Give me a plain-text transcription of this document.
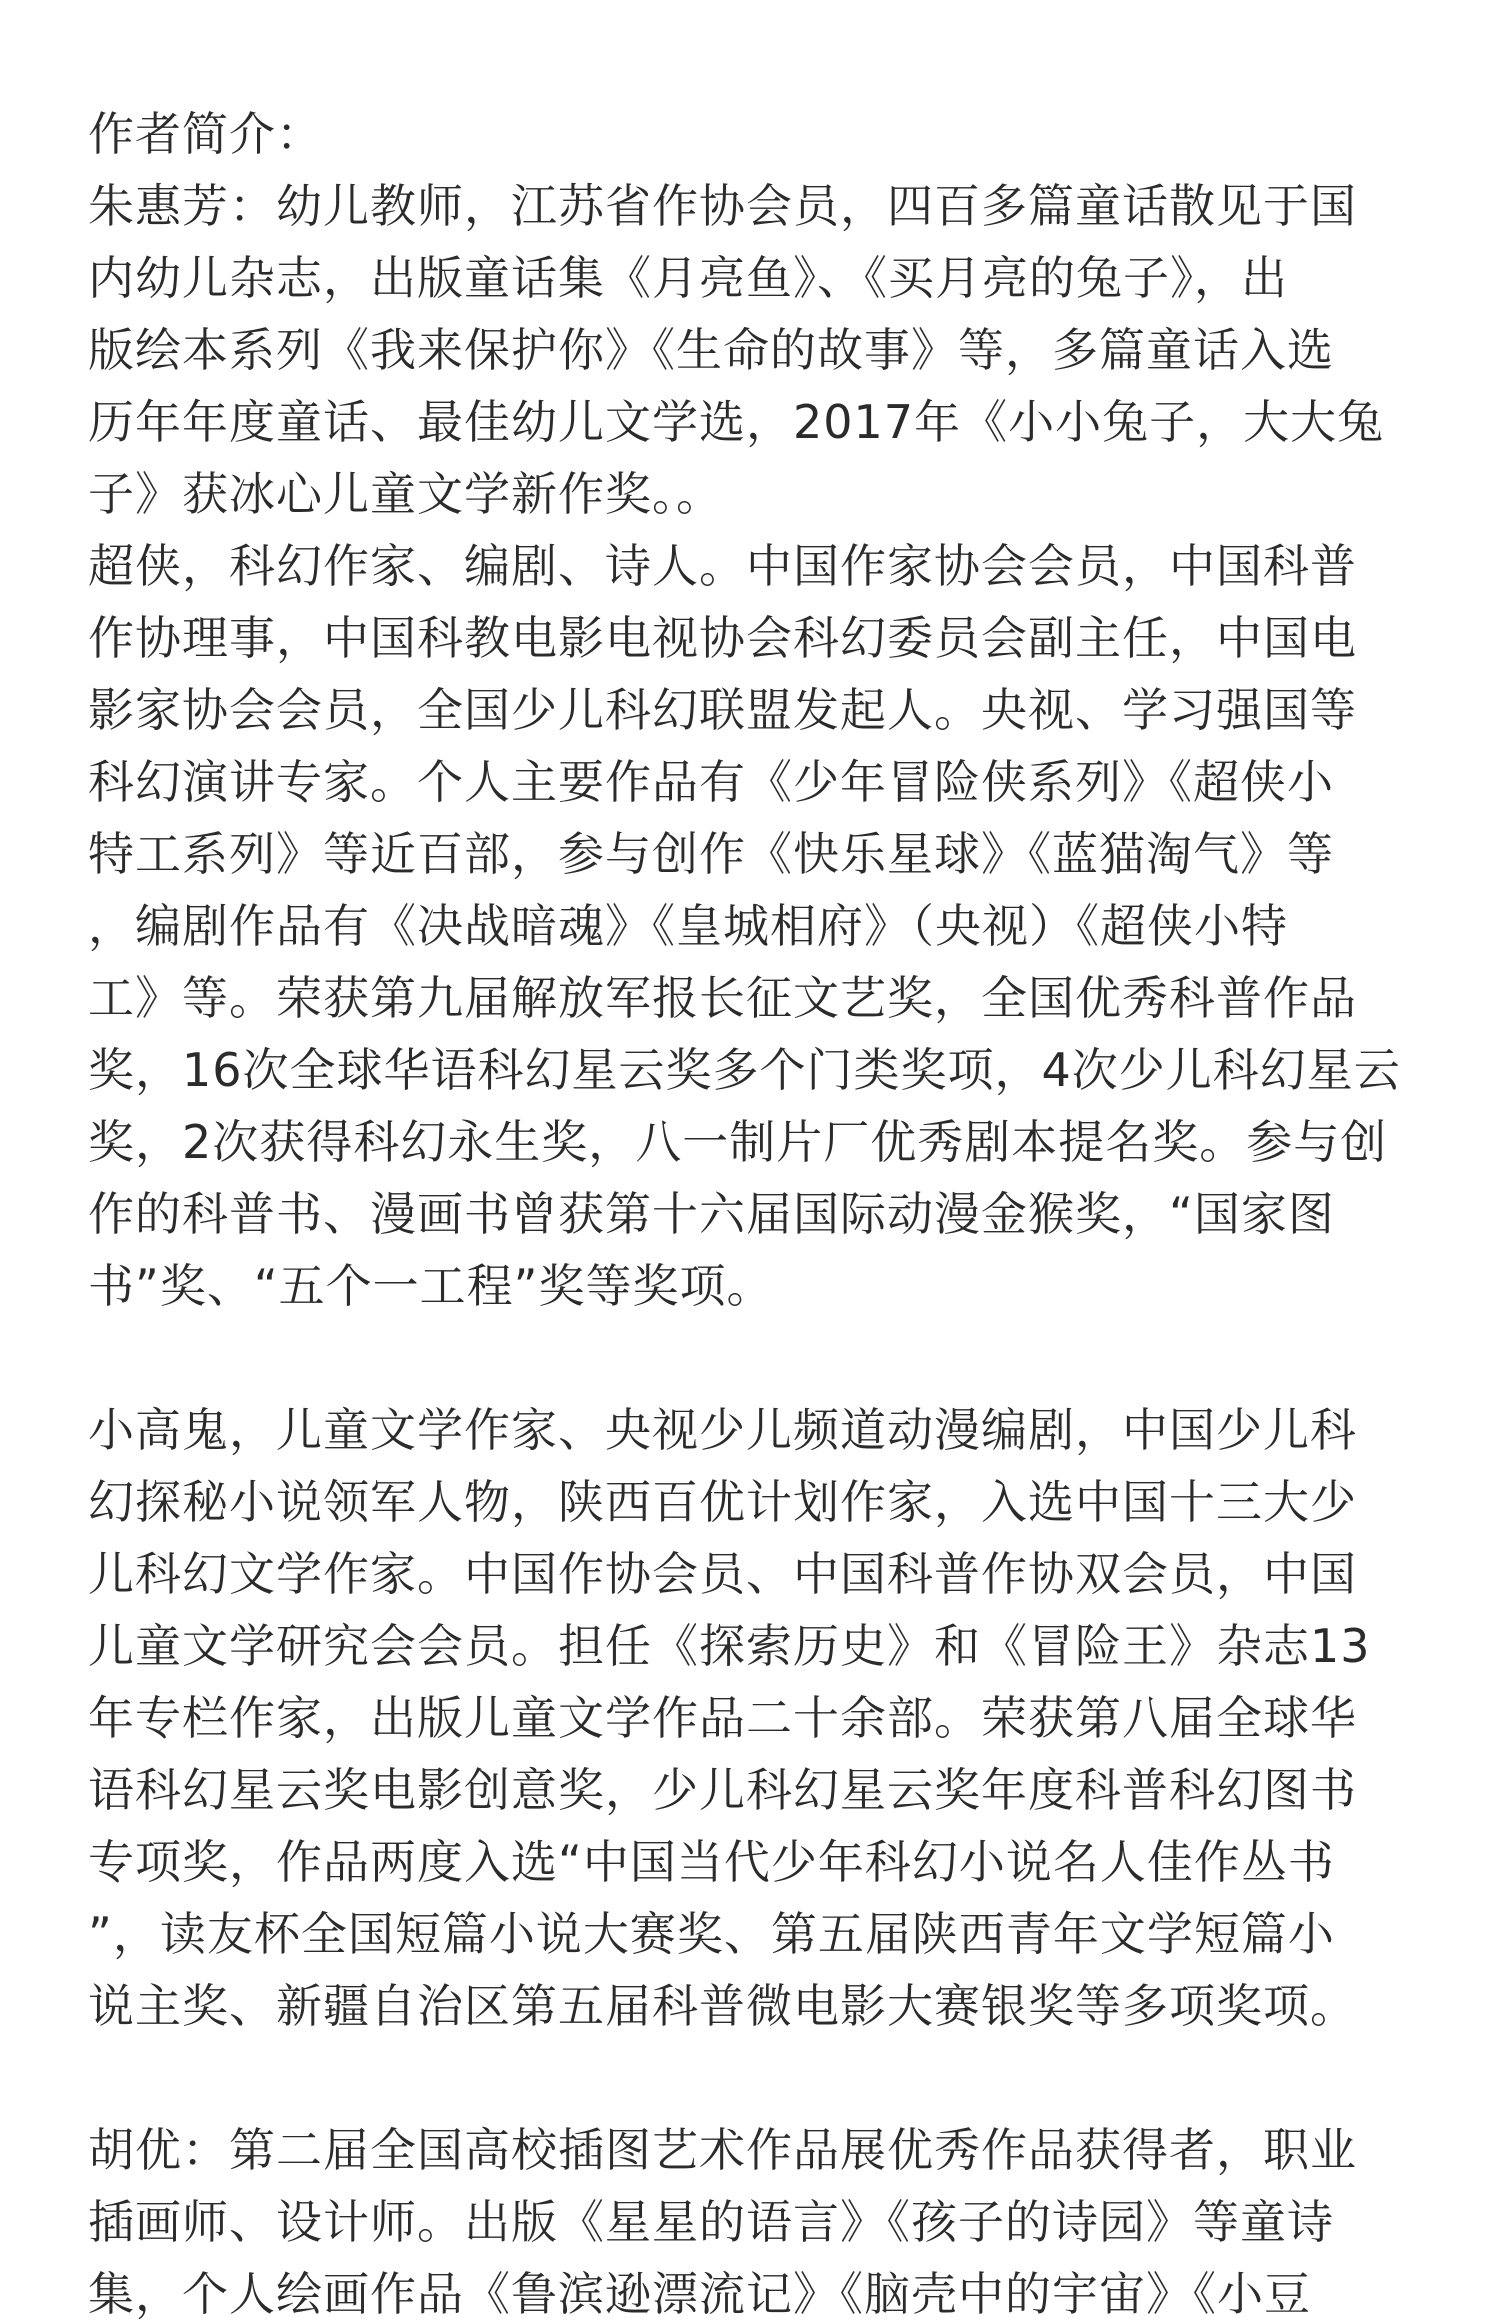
作者简介：
朱惠芳：幼儿教师，江苏省作协会员，四百多篇童话散见于国
内幼儿杂志，出版童话集《月亮鱼》、《买月亮的兔子》，出
版绘本系列《我来保护你》《生命的故事》等，多篇童话入选
历年年度童话、最佳幼儿文学选，2017年《小小兔子，大大兔
子》获冰心儿童文学新作奖。。
超侠，科幻作家、编剧、诗人。中国作家协会会员，中国科普
作协理事，中国科教电影电视协会科幻委员会副主任，中国电
影家协会会员，全国少儿科幻联盟发起人。央视、学习强国等
科幻演讲专家。个人主要作品有《少年冒险侠系列》《超侠小
特工系列》等近百部，参与创作《快乐星球》《蓝猫淘气》等
，编剧作品有《决战暗魂》《皇城相府》（央视）《超侠小特
工》等。荣获第九届解放军报长征文艺奖，全国优秀科普作品
奖，16次全球华语科幻星云奖多个门类奖项，4次少儿科幻星云
奖，2次获得科幻永生奖，八一制片厂优秀剧本提名奖。参与创
作的科普书、漫画书曾获第十六届国际动漫金猴奖，“国家图
书”奖、“五个一工程”奖等奖项。
小高鬼，儿童文学作家、央视少儿频道动漫编剧，中国少儿科
幻探秘小说领军人物，陕西百优计划作家，入选中国十三大少
儿科幻文学作家。中国作协会员、中国科普作协双会员，中国
儿童文学研究会会员。担任《探索历史》和《冒险王》杂志13
年专栏作家，出版儿童文学作品二十余部。荣获第八届全球华
语科幻星云奖电影创意奖，少儿科幻星云奖年度科普科幻图书
专项奖，作品两度入选“中国当代少年科幻小说名人佳作丛书
”，读友杯全国短篇小说大赛奖、第五届陕西青年文学短篇小
说主奖、新疆自治区第五届科普微电影大赛银奖等多项奖项。
胡优：第二届全国高校插图艺术作品展优秀作品获得者，职业
插画师、设计师。出版《星星的语言》《孩子的诗园》等童诗
集，个人绘画作品《鲁滨逊漂流记》《脑壳中的宇宙》《小豆
